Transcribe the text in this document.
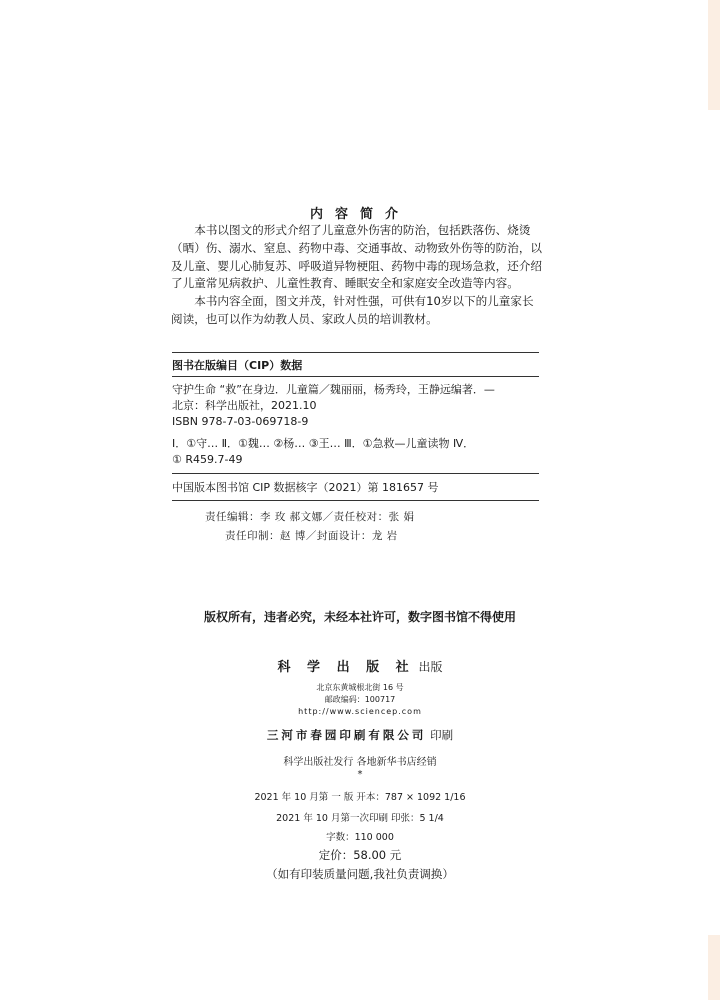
内容简介

本书以图文的形式介绍了儿童意外伤害的防治，包括跌落伤、烧烫（晒）伤、溺水、窒息、药物中毒、交通事故、动物致外伤等的防治，以及儿童、婴儿心肺复苏、呼吸道异物梗阻、药物中毒的现场急救，还介绍了儿童常见病救护、儿童性教育、睡眠安全和家庭安全改造等内容。

本书内容全面，图文并茂，针对性强，可供有10岁以下的儿童家长阅读，也可以作为幼教人员、家政人员的培训教材。

图书在版编目（CIP）数据
守护生命 “救”在身边．儿童篇／魏丽丽，杨秀玲，王静远编著．—
北京：科学出版社，2021.10
ISBN 978-7-03-069718-9
Ⅰ．①守… Ⅱ．①魏… ②杨… ③王… Ⅲ．①急救—儿童读物 Ⅳ．
① R459.7-49
中国版本图书馆 CIP 数据核字（2021）第 181657 号
责任编辑：李 玫 郝文娜／责任校对：张 娟
责任印制：赵 博／封面设计：龙 岩
版权所有，违者必究，未经本社许可，数字图书馆不得使用
科 学 出 版 社 出版
北京东黄城根北街 16 号
邮政编码：100717
http://www.sciencep.com
三河市春园印刷有限公司 印刷
科学出版社发行 各地新华书店经销
*
2021 年 10 月第 一 版 开本：787 × 1092 1/16
2021 年 10 月第一次印刷 印张：5 1/4
字数：110 000
定价：58.00 元
（如有印装质量问题,我社负责调换）
